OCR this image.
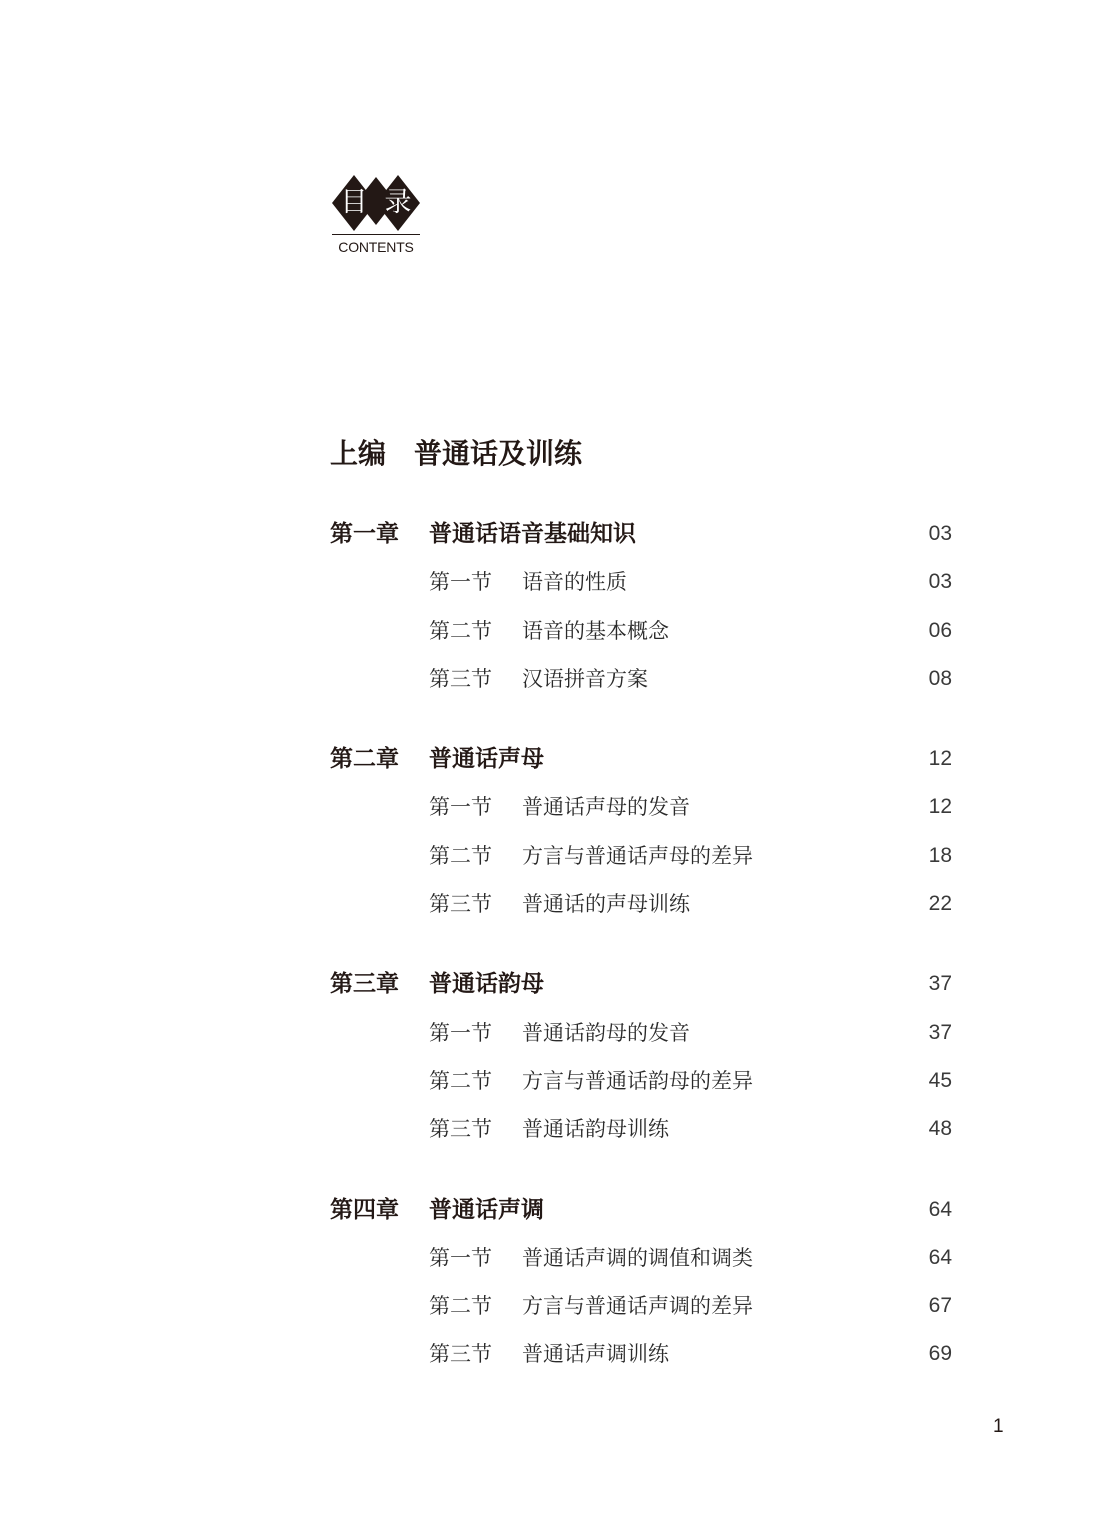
目 录
CONTENTS
上编　普通话及训练
第一章 普通话语音基础知识	03
第一节 语音的性质	03
第二节 语音的基本概念	06
第三节 汉语拼音方案	08
第二章 普通话声母	12
第一节 普通话声母的发音	12
第二节 方言与普通话声母的差异	18
第三节 普通话的声母训练	22
第三章 普通话韵母	37
第一节 普通话韵母的发音	37
第二节 方言与普通话韵母的差异	45
第三节 普通话韵母训练	48
第四章 普通话声调	64
第一节 普通话声调的调值和调类	64
第二节 方言与普通话声调的差异	67
第三节 普通话声调训练	69
1
